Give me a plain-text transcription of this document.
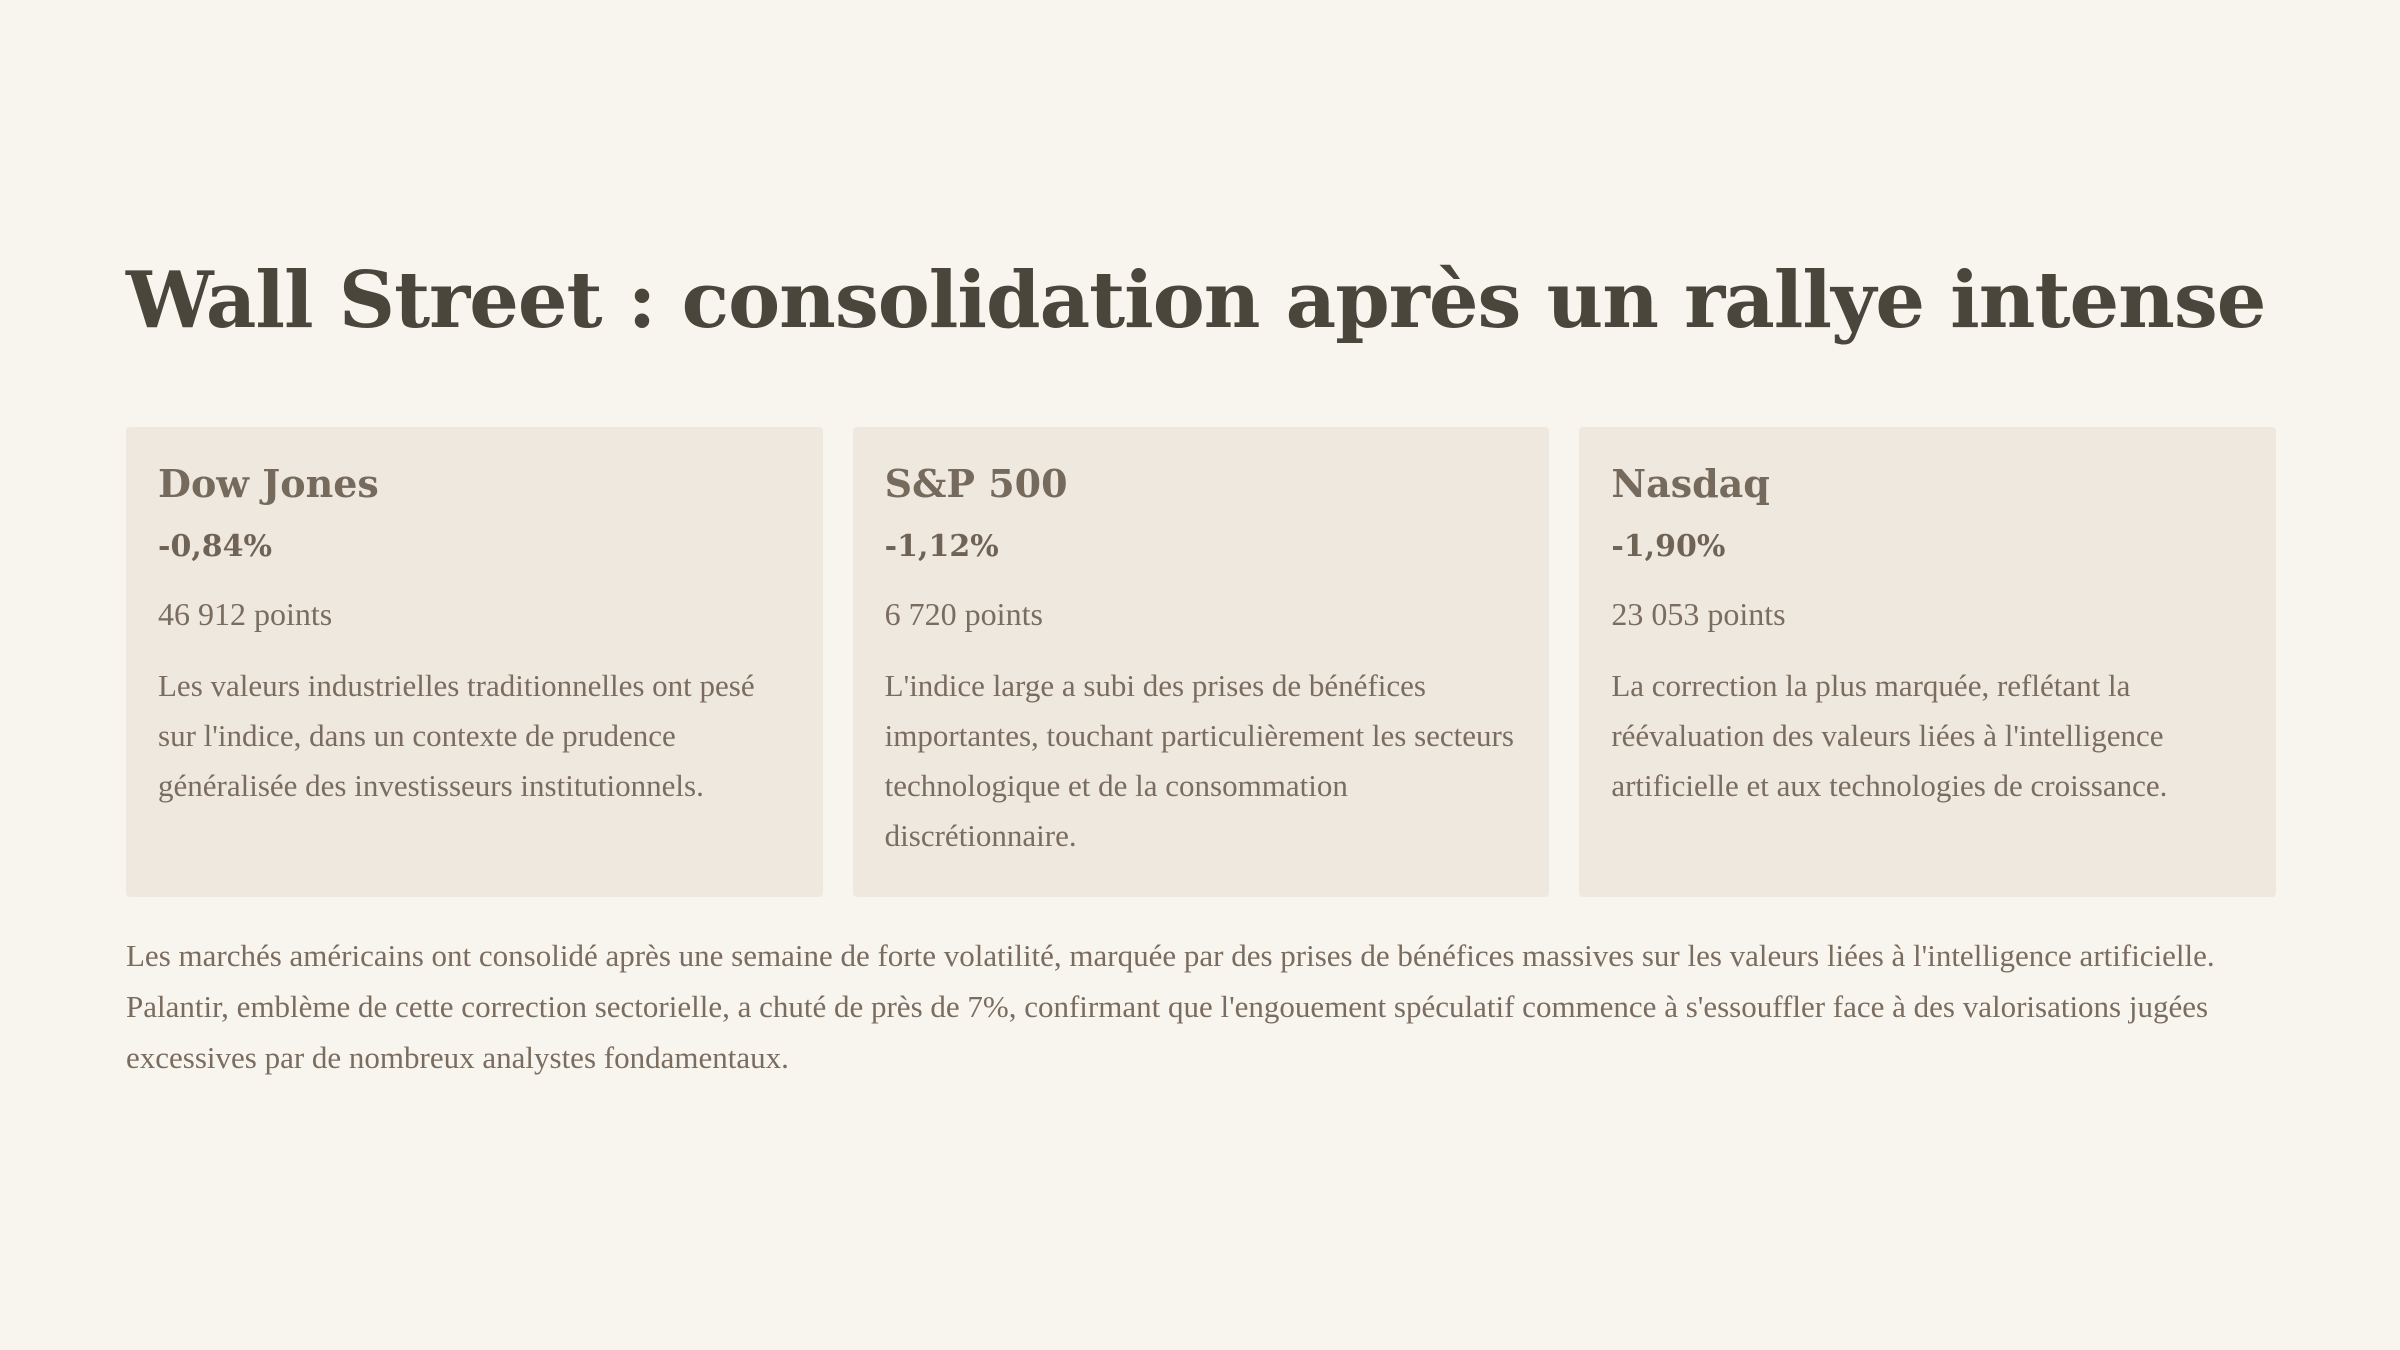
Wall Street : consolidation après un rallye intense
Dow Jones
-0,84%
46 912 points
Les valeurs industrielles traditionnelles ont pesé sur l'indice, dans un contexte de prudence généralisée des investisseurs institutionnels.
S&P 500
-1,12%
6 720 points
L'indice large a subi des prises de bénéfices importantes, touchant particulièrement les secteurs technologique et de la consommation discrétionnaire.
Nasdaq
-1,90%
23 053 points
La correction la plus marquée, reflétant la réévaluation des valeurs liées à l'intelligence artificielle et aux technologies de croissance.

Les marchés américains ont consolidé après une semaine de forte volatilité, marquée par des prises de bénéfices massives sur les valeurs liées à l'intelligence artificielle. Palantir, emblème de cette correction sectorielle, a chuté de près de 7%, confirmant que l'engouement spéculatif commence à s'essouffler face à des valorisations jugées excessives par de nombreux analystes fondamentaux.
